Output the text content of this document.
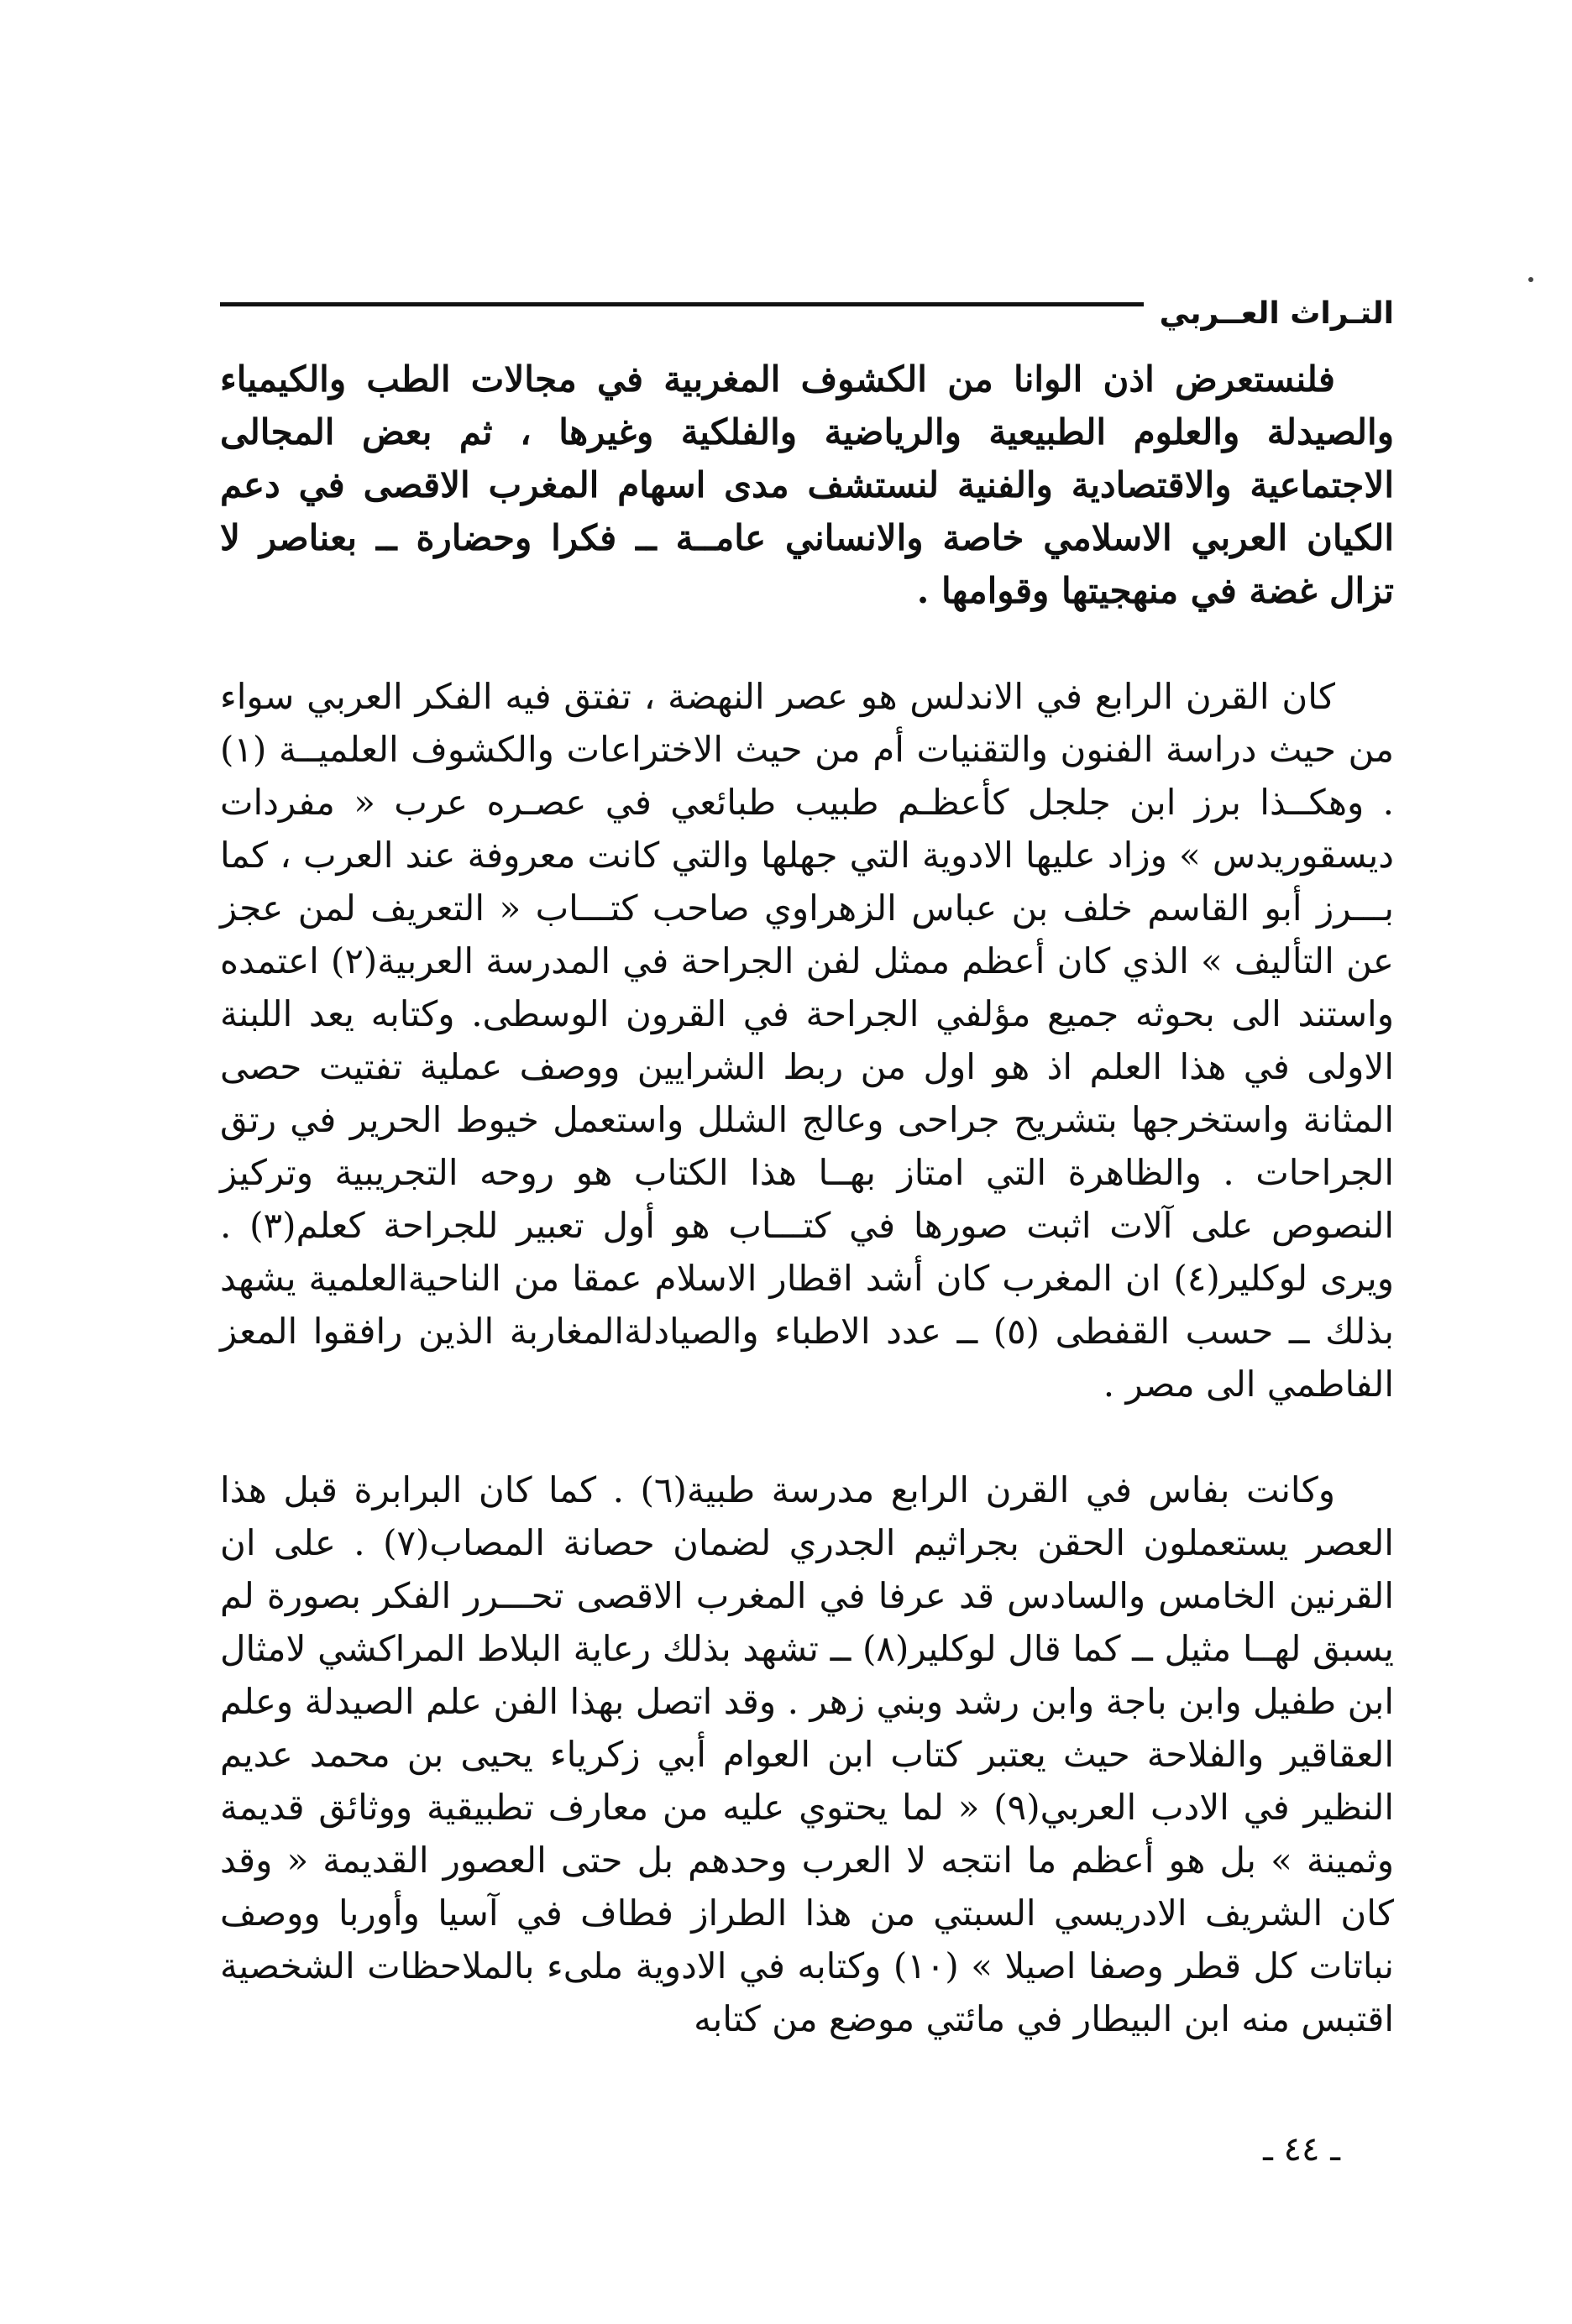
التـراث العــربي

فلنستعرض اذن الوانا من الكشوف المغربية في مجالات الطب والكيمياء والصيدلة والعلوم الطبيعية والرياضية والفلكية وغيرها ، ثم بعض المجالى الاجتماعية والاقتصادية والفنية لنستشف مدى اسهام المغرب الاقصى في دعم الكيان العربي الاسلامي خاصة والانساني عامــة ــ فكرا وحضارة ــ بعناصر لا تزال غضة في منهجيتها وقوامها .

كان القرن الرابع في الاندلس هو عصر النهضة ، تفتق فيه الفكر العربي سواء من حيث دراسة الفنون والتقنيات أم من حيث الاختراعات والكشوف العلميــة (١) . وهكــذا برز ابن جلجل كأعظـم طبيب طبائعي في عصـره عرب « مفردات ديسقوريدس » وزاد عليها الادوية التي جهلها والتي كانت معروفة عند العرب ، كما بـــرز أبو القاسم خلف بن عباس الزهراوي صاحب كتـــاب « التعريف لمن عجز عن التأليف » الذي كان أعظم ممثل لفن الجراحة في المدرسة العربية(٢) اعتمده واستند الى بحوثه جميع مؤلفي الجراحة في القرون الوسطى. وكتابه يعد اللبنة الاولى في هذا العلم اذ هو اول من ربط الشرايين ووصف عملية تفتيت حصى المثانة واستخرجها بتشريح جراحى وعالج الشلل واستعمل خيوط الحرير في رتق الجراحات . والظاهرة التي امتاز بهــا هذا الكتاب هو روحه التجريبية وتركيز النصوص على آلات اثبت صورها في كتـــاب هو أول تعبير للجراحة كعلم(٣) . ويرى لوكلير(٤) ان المغرب كان أشد اقطار الاسلام عمقا من الناحيةالعلمية يشهد بذلك ــ حسب القفطى (٥) ــ عدد الاطباء والصيادلةالمغاربة الذين رافقوا المعز الفاطمي الى مصر .

وكانت بفاس في القرن الرابع مدرسة طبية(٦) . كما كان البرابرة قبل هذا العصر يستعملون الحقن بجراثيم الجدري لضمان حصانة المصاب(٧) . على ان القرنين الخامس والسادس قد عرفا في المغرب الاقصى تحـــرر الفكر بصورة لم يسبق لهــا مثيل ــ كما قال لوكلير(٨) ــ تشهد بذلك رعاية البلاط المراكشي لامثال ابن طفيل وابن باجة وابن رشد وبني زهر . وقد اتصل بهذا الفن علم الصيدلة وعلم العقاقير والفلاحة حيث يعتبر كتاب ابن العوام أبي زكرياء يحيى بن محمد عديم النظير في الادب العربي(٩) « لما يحتوي عليه من معارف تطبيقية ووثائق قديمة وثمينة » بل هو أعظم ما انتجه لا العرب وحدهم بل حتى العصور القديمة « وقد كان الشريف الادريسي السبتي من هذا الطراز فطاف في آسيا وأوربا ووصف نباتات كل قطر وصفا اصيلا » (١٠) وكتابه في الادوية ملىء بالملاحظات الشخصية اقتبس منه ابن البيطار في مائتي موضع من كتابه

ـ ٤٤ ـ
